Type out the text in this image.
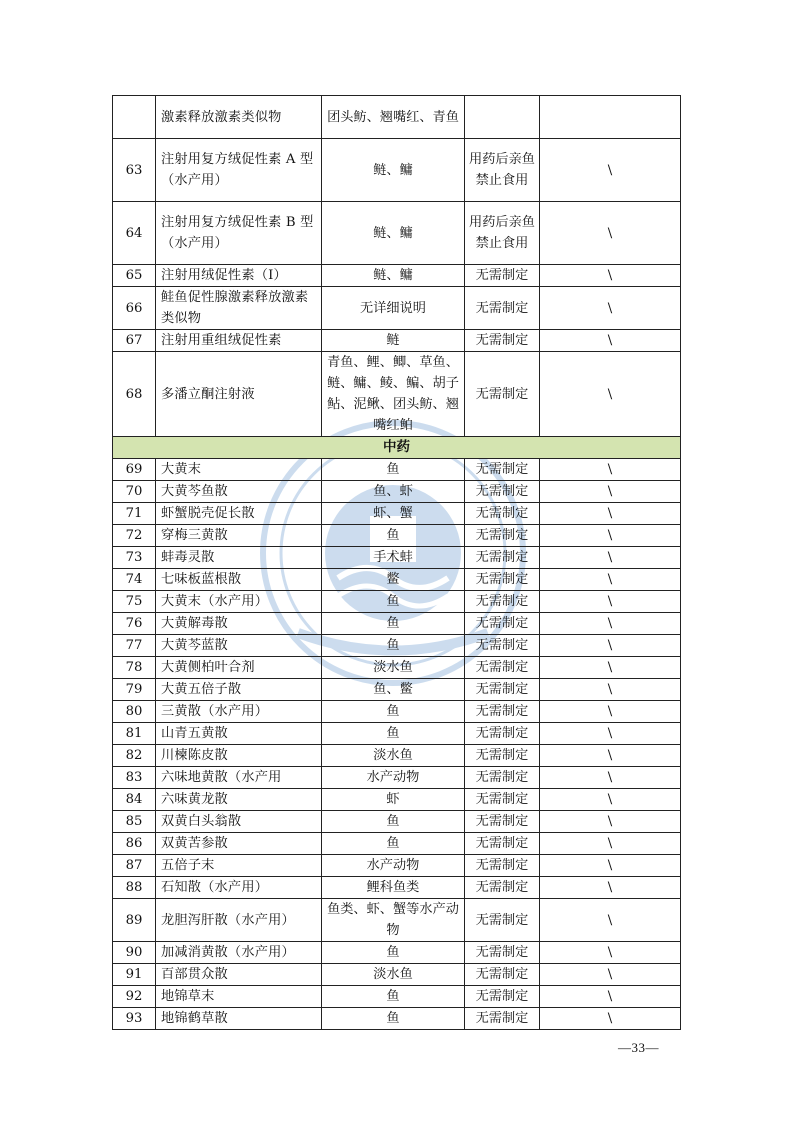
	激素释放激素类似物	团头鲂、翘嘴红、青鱼		
63	注射用复方绒促性素 A 型（水产用）	鲢、鳙	用药后亲鱼禁止食用	\
64	注射用复方绒促性素 B 型（水产用）	鲢、鳙	用药后亲鱼禁止食用	\
65	注射用绒促性素（I）	鲢、鳙	无需制定	\
66	鲑鱼促性腺激素释放激素类似物	无详细说明	无需制定	\
67	注射用重组绒促性素	鲢	无需制定	\
68	多潘立酮注射液	青鱼、鲤、鲫、草鱼、鲢、鳙、鲮、鳊、胡子鲇、泥鳅、团头鲂、翘嘴红鲌	无需制定	\
中药				
69	大黄末	鱼	无需制定	\
70	大黄芩鱼散	鱼、虾	无需制定	\
71	虾蟹脱壳促长散	虾、蟹	无需制定	\
72	穿梅三黄散	鱼	无需制定	\
73	蚌毒灵散	手术蚌	无需制定	\
74	七味板蓝根散	鳖	无需制定	\
75	大黄末（水产用）	鱼	无需制定	\
76	大黄解毒散	鱼	无需制定	\
77	大黄芩蓝散	鱼	无需制定	\
78	大黄侧柏叶合剂	淡水鱼	无需制定	\
79	大黄五倍子散	鱼、鳖	无需制定	\
80	三黄散（水产用）	鱼	无需制定	\
81	山青五黄散	鱼	无需制定	\
82	川楝陈皮散	淡水鱼	无需制定	\
83	六味地黄散（水产用	水产动物	无需制定	\
84	六味黄龙散	虾	无需制定	\
85	双黄白头翁散	鱼	无需制定	\
86	双黄苦参散	鱼	无需制定	\
87	五倍子末	水产动物	无需制定	\
88	石知散（水产用）	鲤科鱼类	无需制定	\
89	龙胆泻肝散（水产用）	鱼类、虾、蟹等水产动物	无需制定	\
90	加减消黄散（水产用）	鱼	无需制定	\
91	百部贯众散	淡水鱼	无需制定	\
92	地锦草末	鱼	无需制定	\
93	地锦鹤草散	鱼	无需制定	\
—33—
